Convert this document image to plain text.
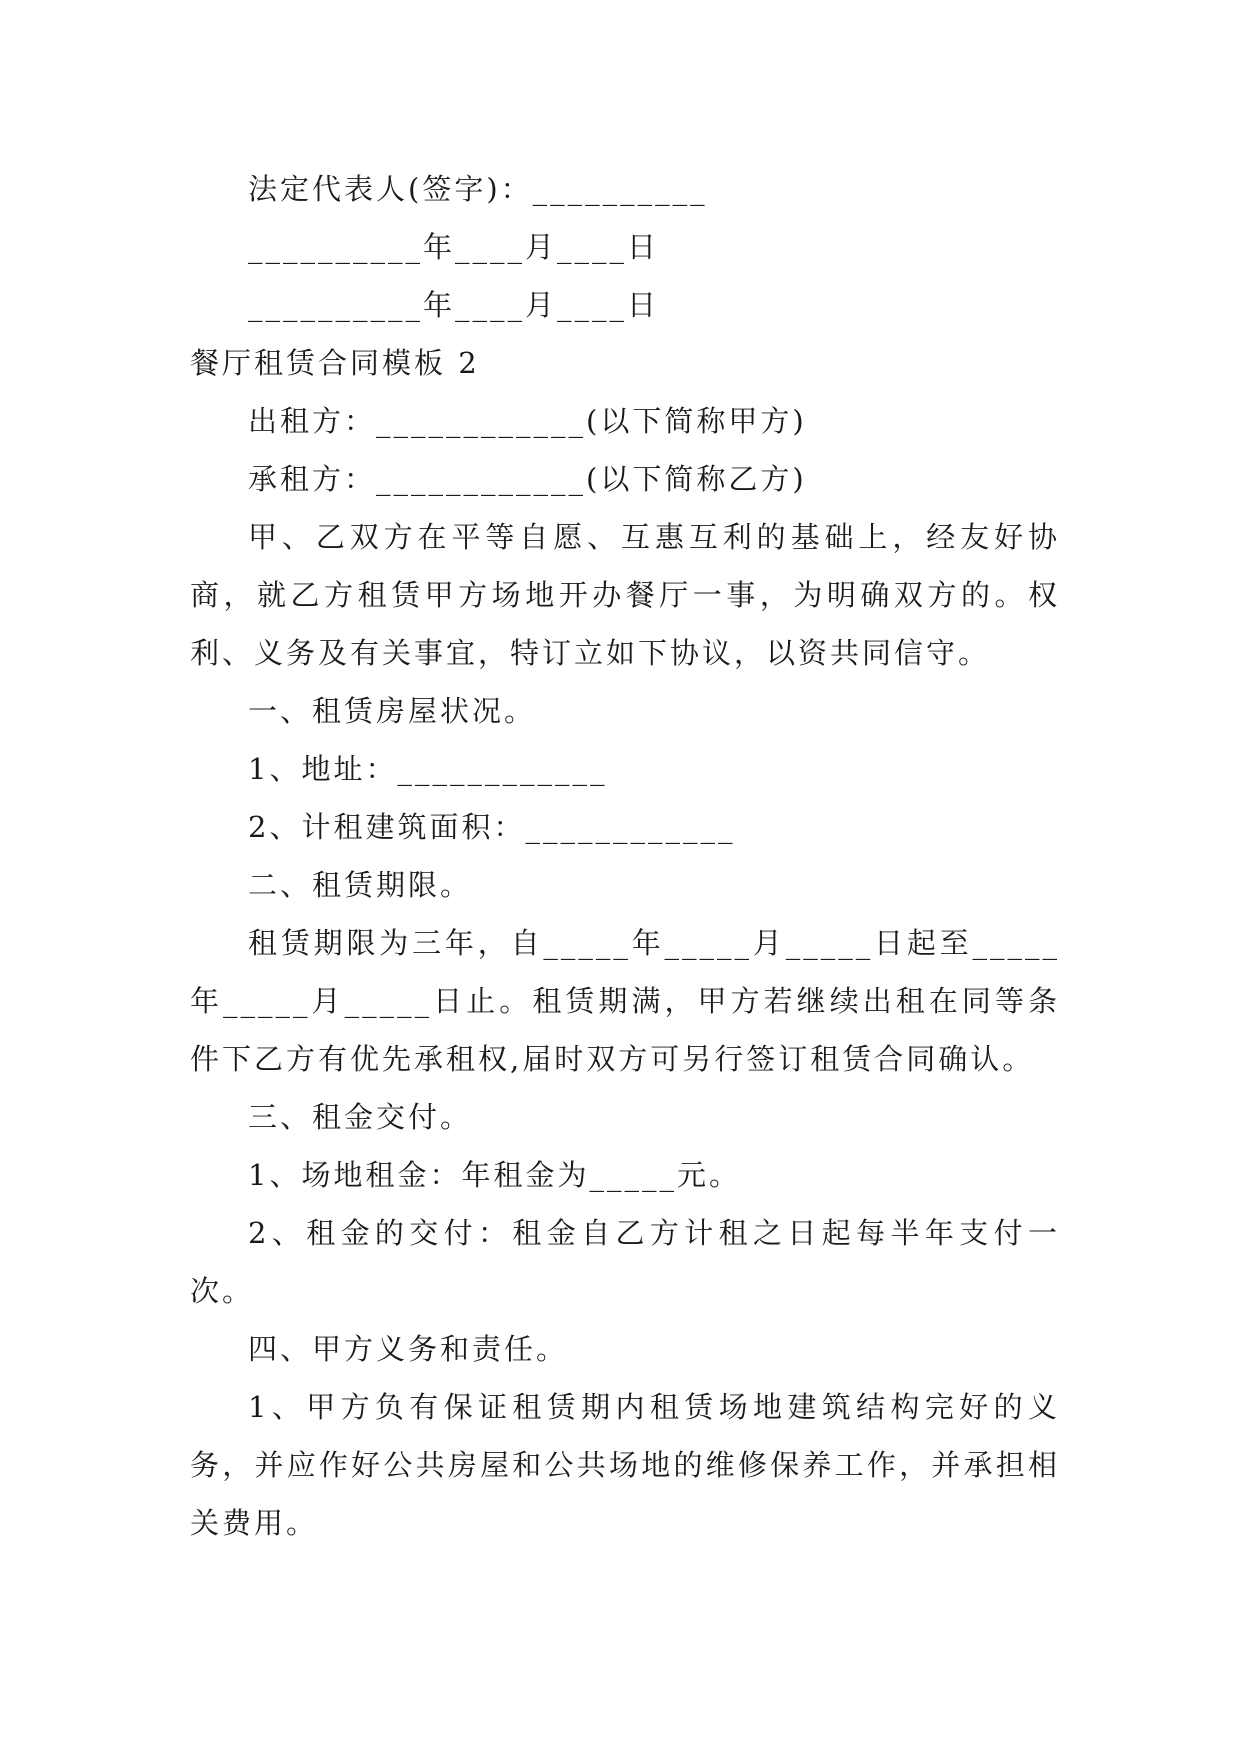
法定代表人(签字)：__________

__________年____月____日

__________年____月____日

餐厅租赁合同模板 2

出租方：____________(以下简称甲方)

承租方：____________(以下简称乙方)

甲、乙双方在平等自愿、互惠互利的基础上，经友好协商，就乙方租赁甲方场地开办餐厅一事，为明确双方的。权利、义务及有关事宜，特订立如下协议，以资共同信守。

一、租赁房屋状况。

1、地址：____________

2、计租建筑面积：____________

二、租赁期限。

租赁期限为三年，自_____年_____月_____日起至_____年_____月_____日止。租赁期满，甲方若继续出租在同等条件下乙方有优先承租权,届时双方可另行签订租赁合同确认。

三、租金交付。

1、场地租金：年租金为_____元。

2、租金的交付：租金自乙方计租之日起每半年支付一次。

四、甲方义务和责任。

1、甲方负有保证租赁期内租赁场地建筑结构完好的义务，并应作好公共房屋和公共场地的维修保养工作，并承担相关费用。
